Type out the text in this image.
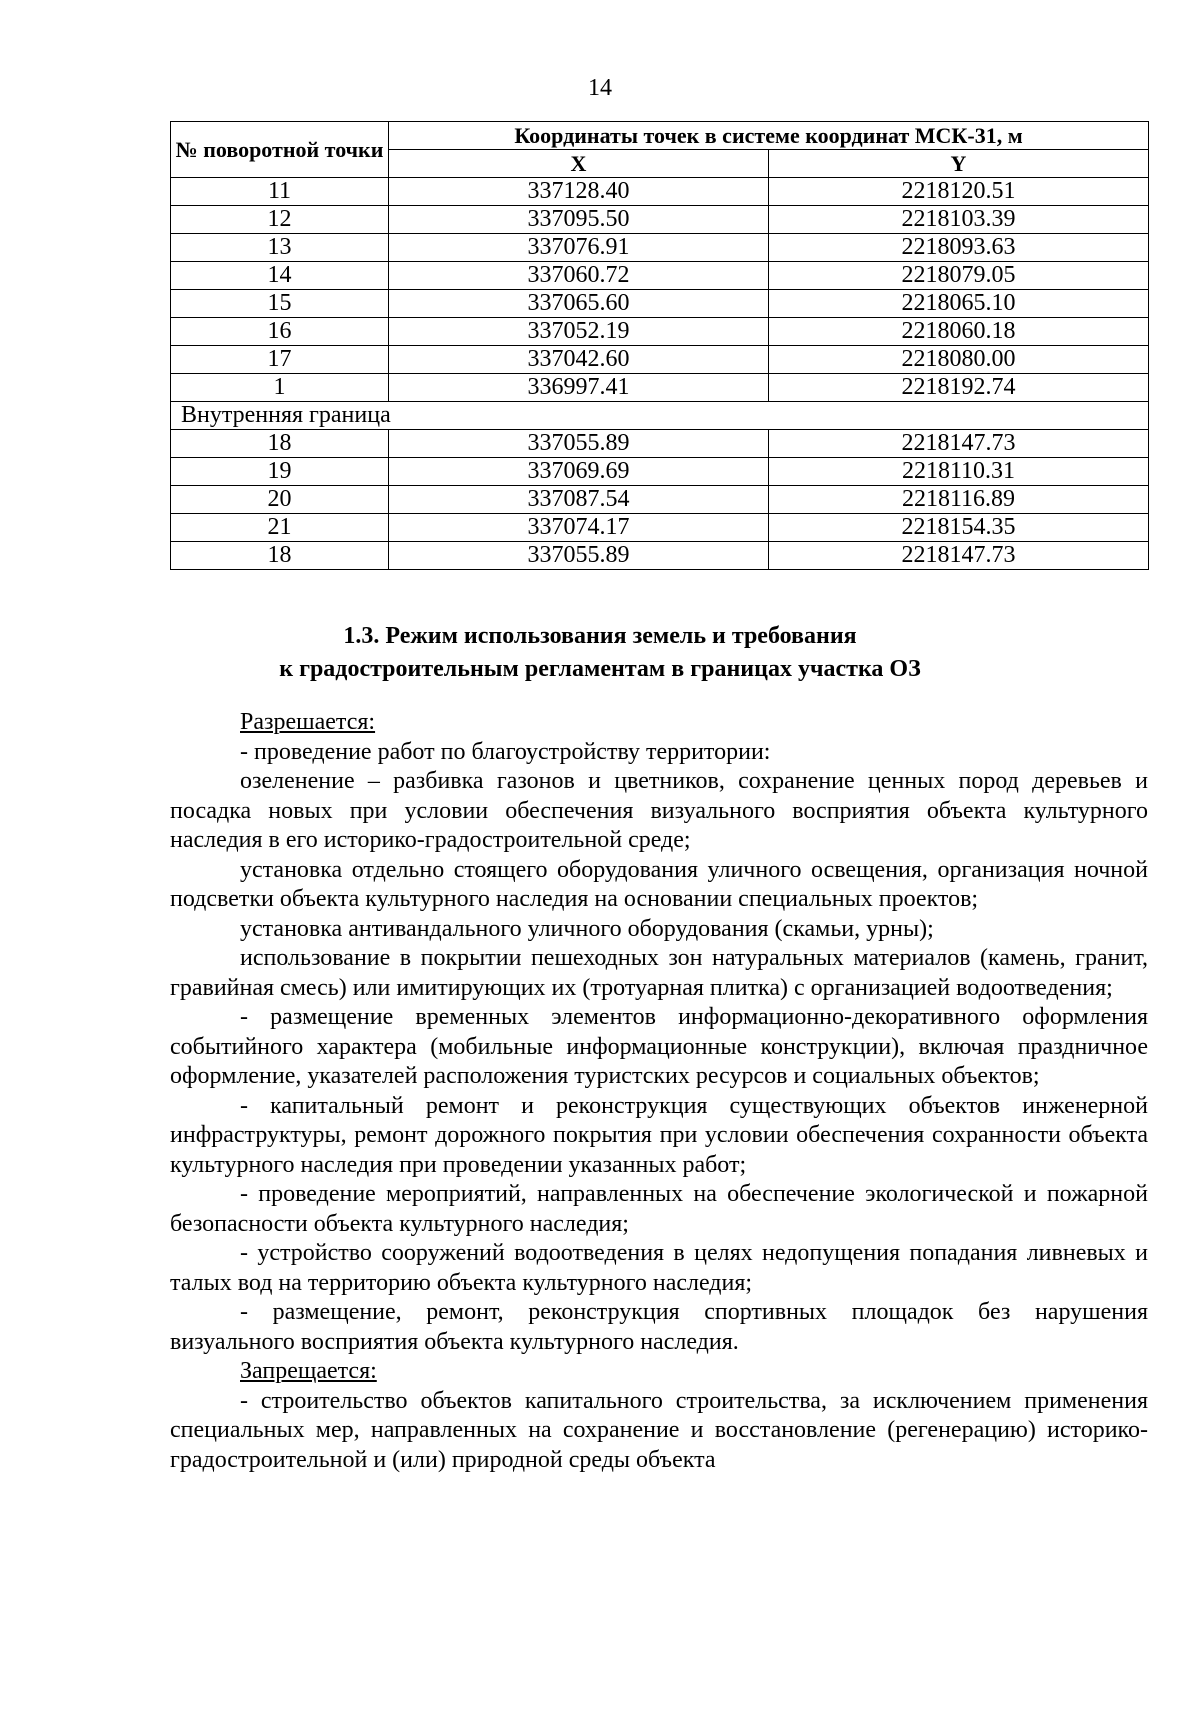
14
№ поворотной точки	Координаты точек в системе координат МСК-31, м	
	X	Y
11	337128.40	2218120.51
12	337095.50	2218103.39
13	337076.91	2218093.63
14	337060.72	2218079.05
15	337065.60	2218065.10
16	337052.19	2218060.18
17	337042.60	2218080.00
1	336997.41	2218192.74
Внутренняя граница		
18	337055.89	2218147.73
19	337069.69	2218110.31
20	337087.54	2218116.89
21	337074.17	2218154.35
18	337055.89	2218147.73
1.3. Режим использования земель и требования
к градостроительным регламентам в границах участка ОЗ

Разрешается:

- проведение работ по благоустройству территории:

озеленение – разбивка газонов и цветников, сохранение ценных пород деревьев и посадка новых при условии обеспечения визуального восприятия объекта культурного наследия в его историко-градостроительной среде;

установка отдельно стоящего оборудования уличного освещения, организация ночной подсветки объекта культурного наследия на основании специальных проектов;

установка антивандального уличного оборудования (скамьи, урны);

использование в покрытии пешеходных зон натуральных материалов (камень, гранит, гравийная смесь) или имитирующих их (тротуарная плитка) с организацией водоотведения;

- размещение временных элементов информационно-декоративного оформления событийного характера (мобильные информационные конструкции), включая праздничное оформление, указателей расположения туристских ресурсов и социальных объектов;

- капитальный ремонт и реконструкция существующих объектов инженерной инфраструктуры, ремонт дорожного покрытия при условии обеспечения сохранности объекта культурного наследия при проведении указанных работ;

- проведение мероприятий, направленных на обеспечение экологической и пожарной безопасности объекта культурного наследия;

- устройство сооружений водоотведения в целях недопущения попадания ливневых и талых вод на территорию объекта культурного наследия;

- размещение, ремонт, реконструкция спортивных площадок без нарушения визуального восприятия объекта культурного наследия.

Запрещается:

- строительство объектов капитального строительства, за исключением применения специальных мер, направленных на сохранение и восстановление (регенерацию) историко-градостроительной и (или) природной среды объекта
